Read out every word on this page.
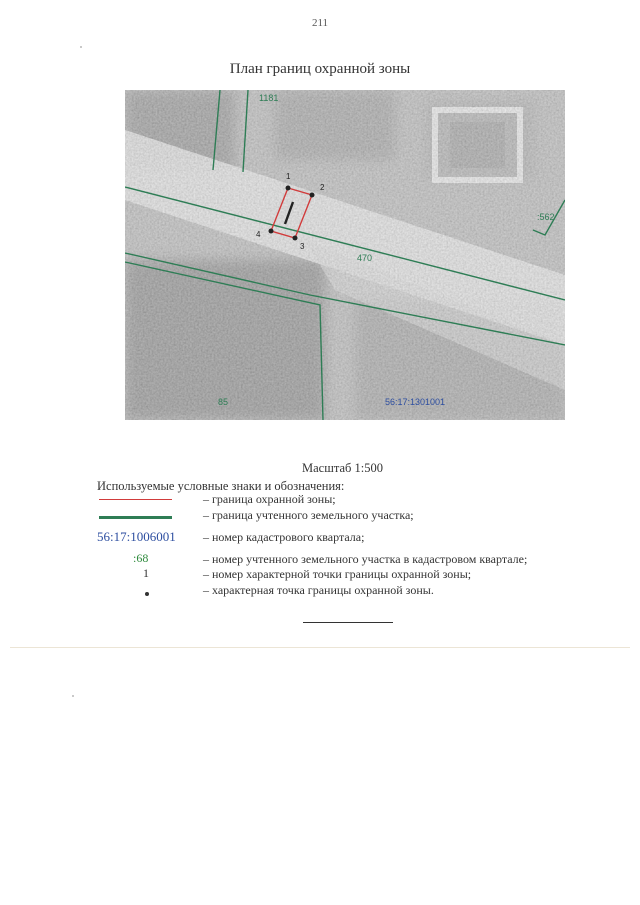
211
План границ охранной зоны
1181
470
:562
85	56:17:1301001
1
2
3
4
Масштаб 1:500
Используемые условные знаки и обозначения:
– граница охранной зоны;
– граница учтенного земельного участка;
56:17:1006001 – номер кадастрового квартала;
:68	– номер учтенного земельного участка в кадастровом квартале;
1	– номер характерной точки границы охранной зоны;
– характерная точка границы охранной зоны.
